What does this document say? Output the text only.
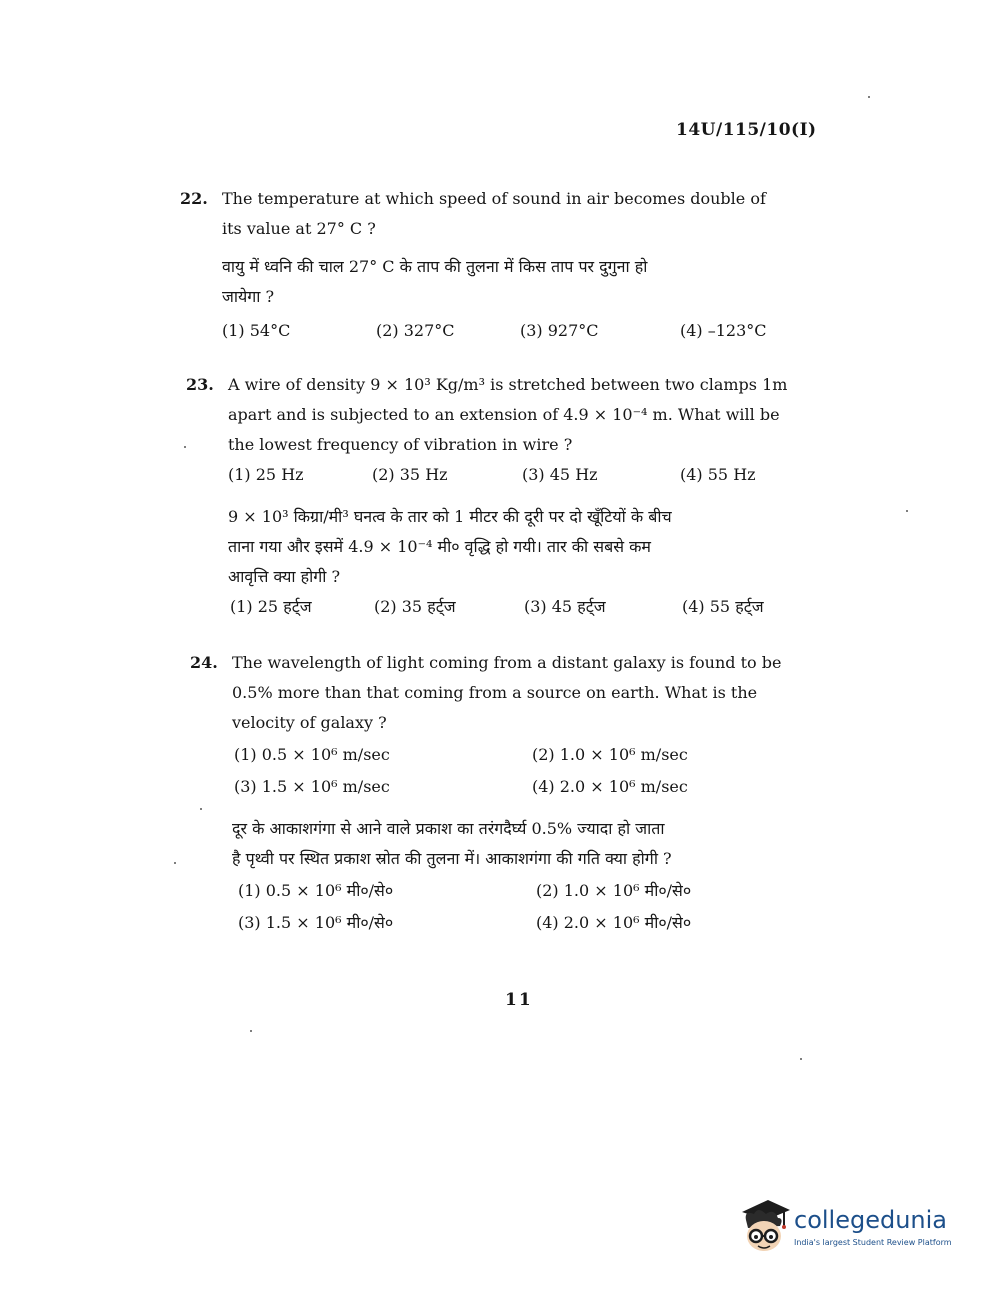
14U/115/10(I)
22. The temperature at which speed of sound in air becomes double of
its value at 27° C ?
वायु में ध्वनि की चाल 27° C के ताप की तुलना में किस ताप पर दुगुना हो
जायेगा ?
(1) 54°C	(2) 327°C	(3) 927°C	(4) –123°C
23. A wire of density 9 × 10³ Kg/m³ is stretched between two clamps 1m
apart and is subjected to an extension of 4.9 × 10⁻⁴ m. What will be
the lowest frequency of vibration in wire ?
(1) 25 Hz	(2) 35 Hz	(3) 45 Hz	(4) 55 Hz
9 × 10³ किग्रा/मी³ घनत्व के तार को 1 मीटर की दूरी पर दो खूँटियों के बीच
ताना गया और इसमें 4.9 × 10⁻⁴ मी० वृद्धि हो गयी। तार की सबसे कम
आवृत्ति क्या होगी ?
(1) 25 हर्ट्ज	(2) 35 हर्ट्ज	(3) 45 हर्ट्ज	(4) 55 हर्ट्ज
24. The wavelength of light coming from a distant galaxy is found to be
0.5% more than that coming from a source on earth. What is the
velocity of galaxy ?
(1) 0.5 × 10⁶ m/sec	(2) 1.0 × 10⁶ m/sec
(3) 1.5 × 10⁶ m/sec	(4) 2.0 × 10⁶ m/sec
दूर के आकाशगंगा से आने वाले प्रकाश का तरंगदैर्घ्य 0.5% ज्यादा हो जाता
है पृथ्वी पर स्थित प्रकाश स्रोत की तुलना में। आकाशगंगा की गति क्या होगी ?
(1) 0.5 × 10⁶ मी०/से०	(2) 1.0 × 10⁶ मी०/से०
(3) 1.5 × 10⁶ मी०/से०	(4) 2.0 × 10⁶ मी०/से०
11
collegedunia
India's largest Student Review Platform
